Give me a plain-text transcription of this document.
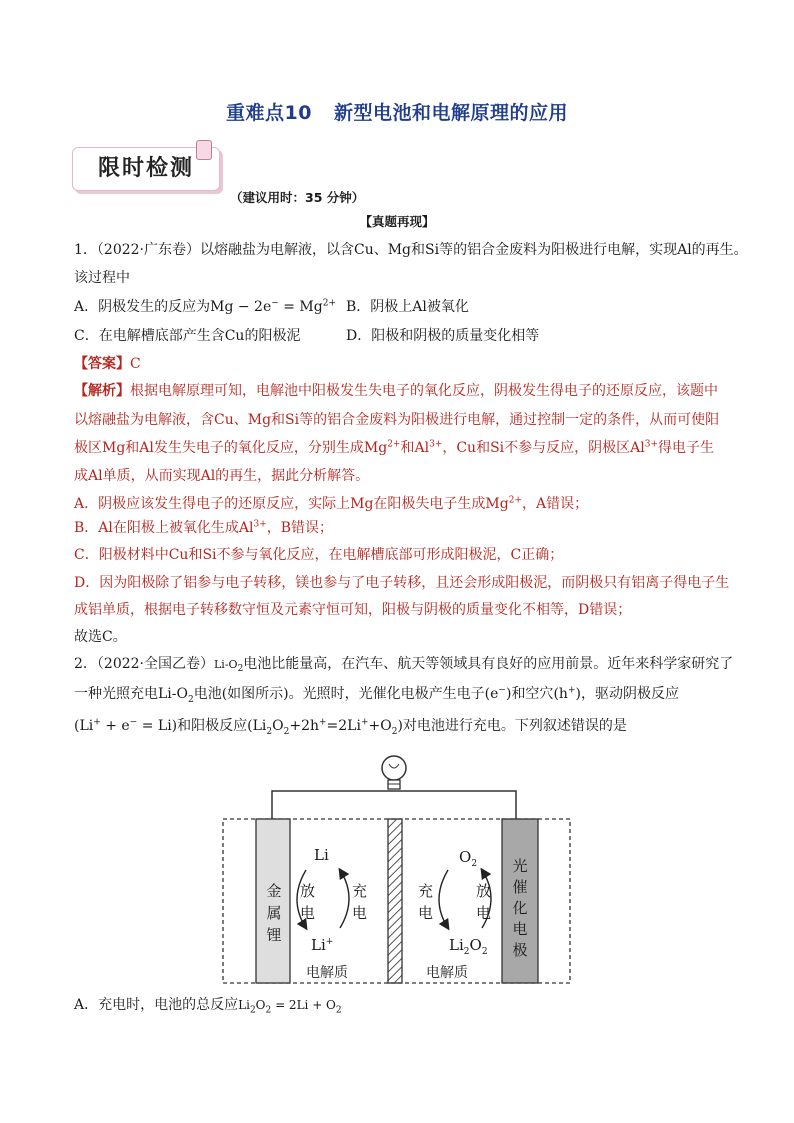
重难点10 新型电池和电解原理的应用
限时检测
（建议用时：35 分钟）
【真题再现】
1．（2022·广东卷）以熔融盐为电解液，以含Cu、Mg和Si等的铝合金废料为阳极进行电解，实现Al的再生。
该过程中
A．阴极发生的反应为$Mg - 2e^- = Mg^{2+}$ B．阴极上Al被氧化
C．在电解槽底部产生含Cu的阳极泥	D．阳极和阴极的质量变化相等
【答案】C
【解析】根据电解原理可知，电解池中阳极发生失电子的氧化反应，阴极发生得电子的还原反应，该题中
以熔融盐为电解液，含Cu、Mg和Si等的铝合金废料为阳极进行电解，通过控制一定的条件，从而可使阳
极区Mg和Al发生失电子的氧化反应，分别生成$Mg^{2+}$和$Al^{3+}$，Cu和Si不参与反应，阴极区$Al^{3+}$得电子生
成Al单质，从而实现Al的再生，据此分析解答。
A．阴极应该发生得电子的还原反应，实际上Mg在阳极失电子生成$Mg^{2+}$，A错误；
B．Al在阳极上被氧化生成$Al^{3+}$，B错误；
C．阳极材料中Cu和Si不参与氧化反应，在电解槽底部可形成阳极泥，C正确；
D．因为阳极除了铝参与电子转移，镁也参与了电子转移，且还会形成阳极泥，而阴极只有铝离子得电子生
成铝单质，根据电子转移数守恒及元素守恒可知，阳极与阴极的质量变化不相等，D错误；
故选C。
2．（2022·全国乙卷）$Li-O_2$电池比能量高，在汽车、航天等领域具有良好的应用前景。近年来科学家研究了
一种光照充电$Li-O_2$电池(如图所示)。光照时，光催化电极产生电子(e−)和空穴(h+)，驱动阴极反应
(Li+ + e− = Li)和阳极反应$(Li_2O_2+2h^+=2Li^++O_2)$对电池进行充电。下列叙述错误的是
金属锂
光催化电极
Li
Li+
放电
充电
$O_2$
$Li_2O_2$
充电
放电
电解质	电解质
A．充电时，电池的总反应$Li_2O_2 = 2Li + O_2$
